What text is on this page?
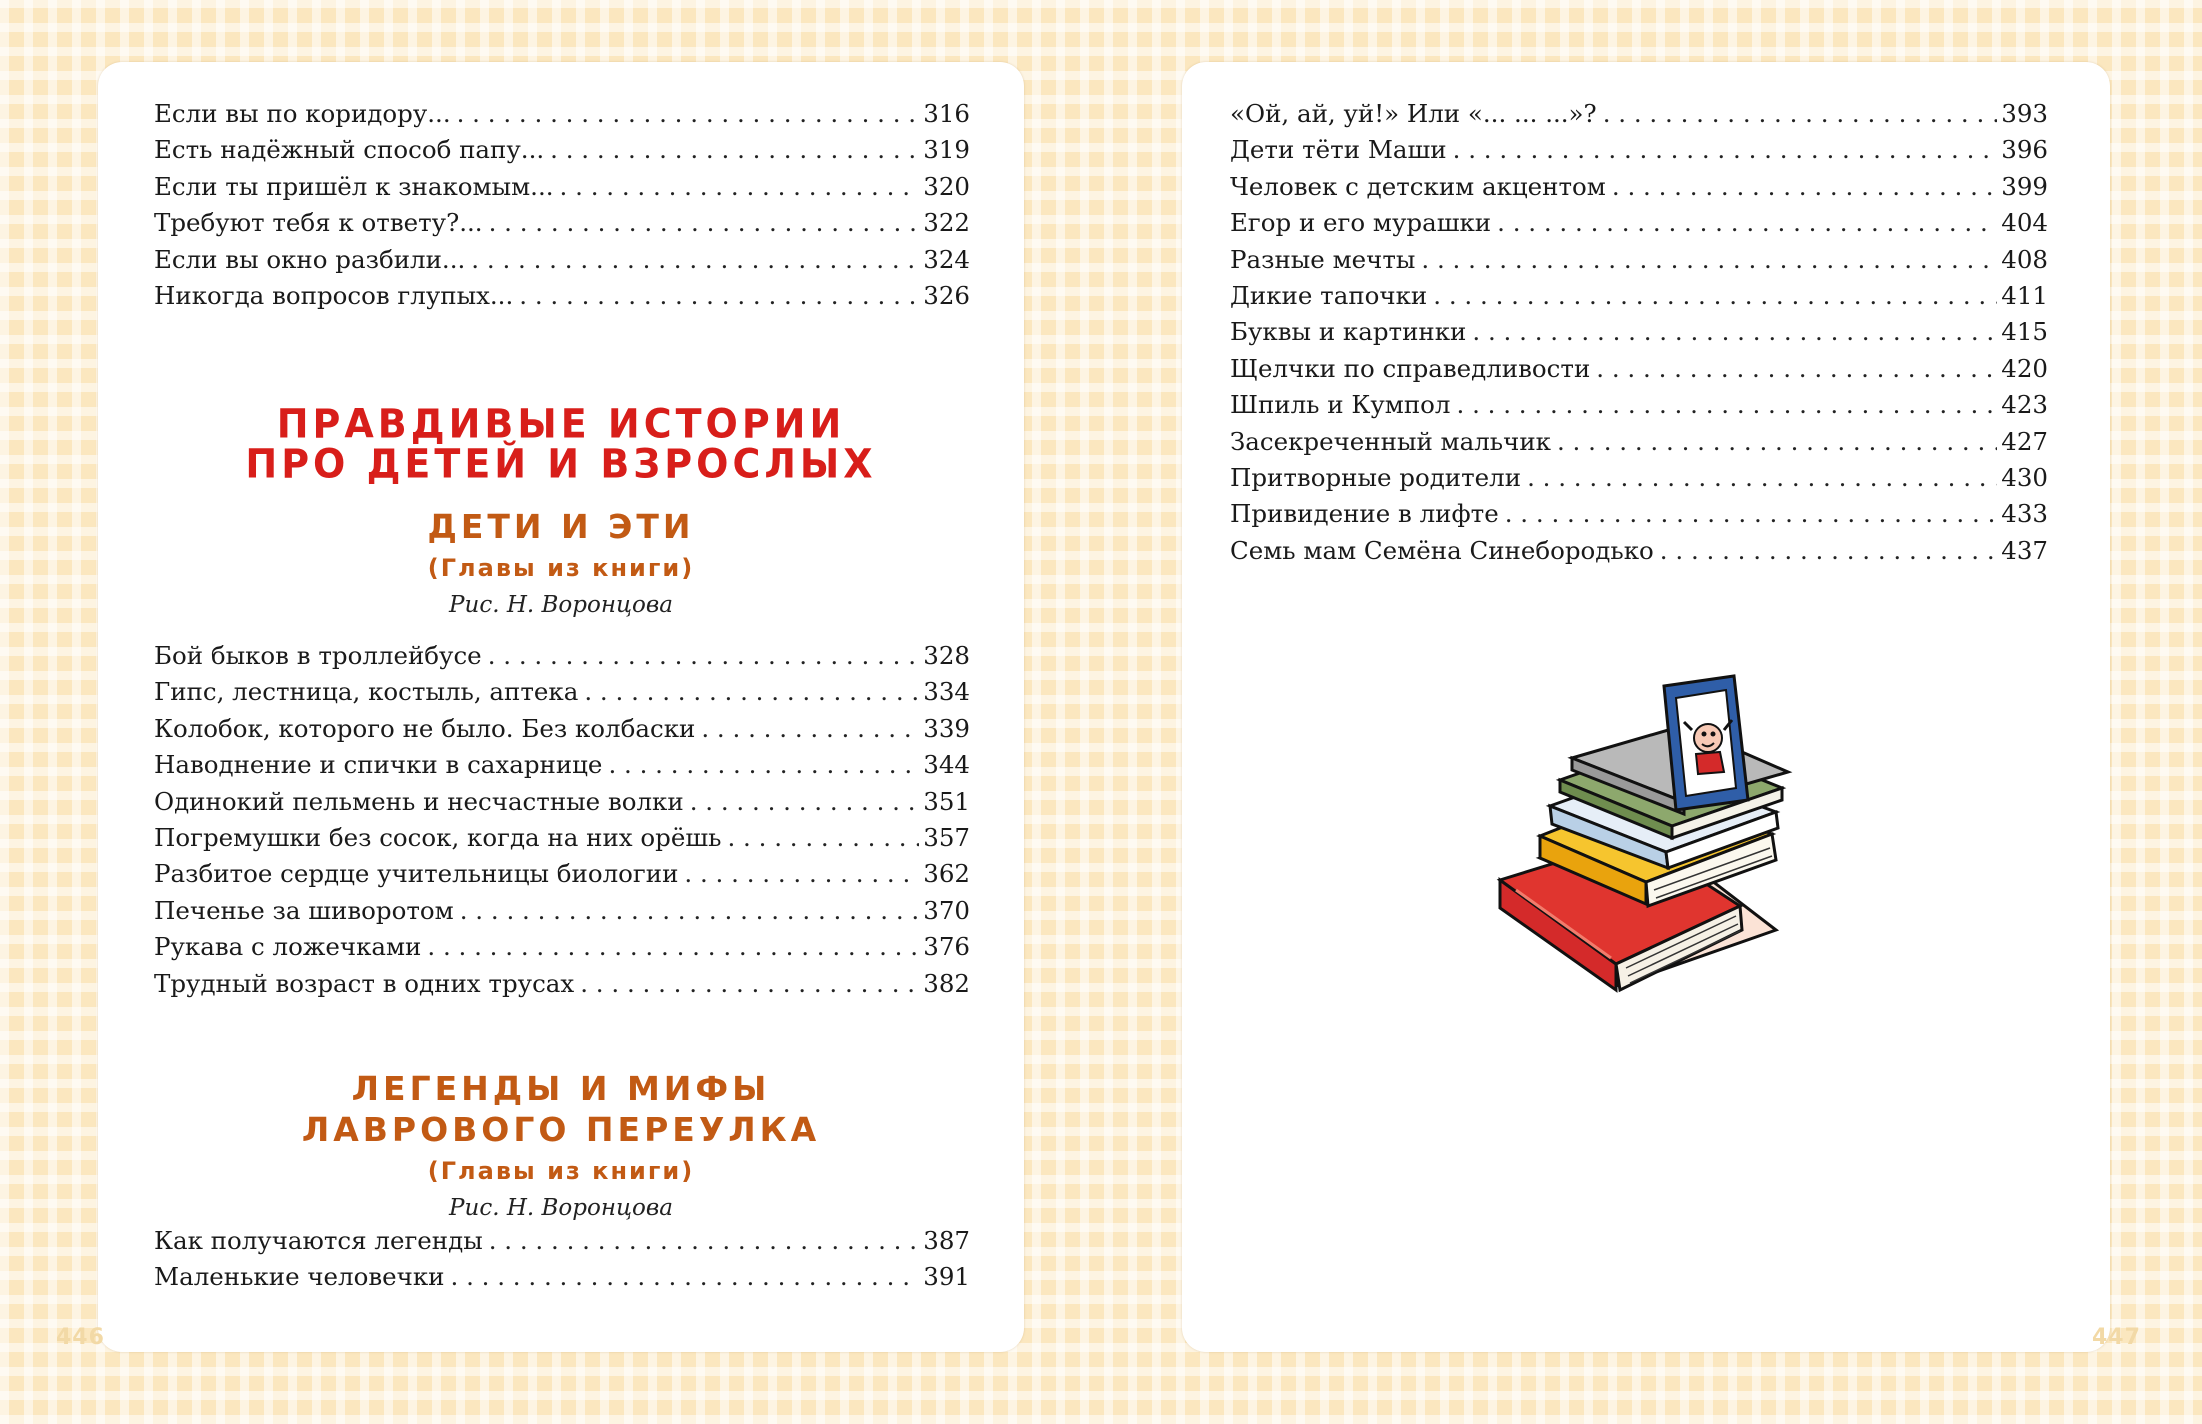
Если вы по коридору... . . .	316
Есть надёжный способ папу... . . .	319
Если ты пришёл к знакомым... . . .	320
Требуют тебя к ответу?... . . .	322
Если вы окно разбили... . . .	324
Никогда вопросов глупых... . . .	326
ПРАВДИВЫЕ ИСТОРИИ
ПРО ДЕТЕЙ И ВЗРОСЛЫХ
ДЕТИ И ЭТИ
(Главы из книги)
Рис. Н. Воронцова
Бой быков в троллейбусе . . .	328
Гипс, лестница, костыль, аптека . . .	334
Колобок, которого не было. Без колбаски . . .	339
Наводнение и спички в сахарнице . . .	344
Одинокий пельмень и несчастные волки . . .	351
Погремушки без сосок, когда на них орёшь . . .	357
Разбитое сердце учительницы биологии . . .	362
Печенье за шиворотом . . .	370
Рукава с ложечками . . .	376
Трудный возраст в одних трусах . . .	382
ЛЕГЕНДЫ И МИФЫ
ЛАВРОВОГО ПЕРЕУЛКА
(Главы из книги)
Рис. Н. Воронцова
Как получаются легенды . . .	387
Маленькие человечки . . .	391
446
«Ой, ай, уй!» Или «... ... ...»? . . .	393
Дети тёти Маши . . .	396
Человек с детским акцентом . . .	399
Егор и его мурашки . . .	404
Разные мечты . . .	408
Дикие тапочки . . .	411
Буквы и картинки . . .	415
Щелчки по справедливости . . .	420
Шпиль и Кумпол . . .	423
Засекреченный мальчик . . .	427
Притворные родители . . .	430
Привидение в лифте . . .	433
Семь мам Семёна Синебородько . . .	437
447
